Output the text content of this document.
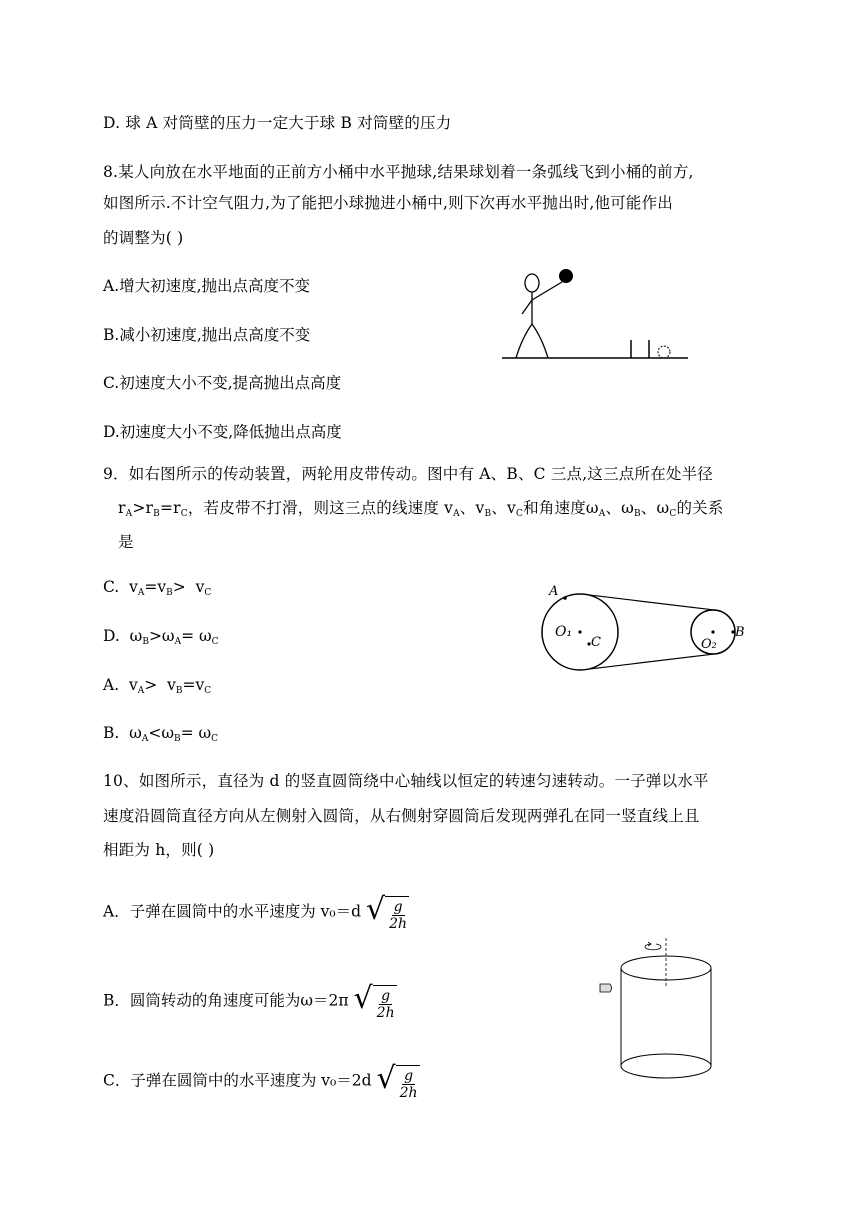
D. 球 A 对筒壁的压力一定大于球 B 对筒壁的压力
8.某人向放在水平地面的正前方小桶中水平抛球,结果球划着一条弧线飞到小桶的前方,
如图所示.不计空气阻力,为了能把小球抛进小桶中,则下次再水平抛出时,他可能作出
的调整为( )
A.增大初速度,抛出点高度不变
B.减小初速度,抛出点高度不变
C.初速度大小不变,提高抛出点高度
D.初速度大小不变,降低抛出点高度
9．如右图所示的传动装置，两轮用皮带传动。图中有 A、B、C 三点,这三点所在处半径
$r_A>r_B=r_C$，若皮带不打滑，则这三点的线速度 $v_A$、$v_B$、$v_C$和角速度$\omega_A$、$\omega_B$、$\omega_C$的关系
是
C.  $v_A=v_B> v_C$
D.  $\omega_B>\omega_A= \omega_C$
A.  $v_A> v_B=v_C$
B.  $\omega_A<\omega_B= \omega_C$
A
O₁
C	O₂
B
10、如图所示，直径为 d 的竖直圆筒绕中心轴线以恒定的转速匀速转动。一子弹以水平
速度沿圆筒直径方向从左侧射入圆筒，从右侧射穿圆筒后发现两弹孔在同一竖直线上且
相距为 h，则( )
A．子弹在圆筒中的水平速度为 v₀＝d √ $\frac{g}{2h}$
B．圆筒转动的角速度可能为ω＝2π √ $\frac{g}{2h}$
C．子弹在圆筒中的水平速度为 v₀＝2d √ $\frac{g}{2h}$
